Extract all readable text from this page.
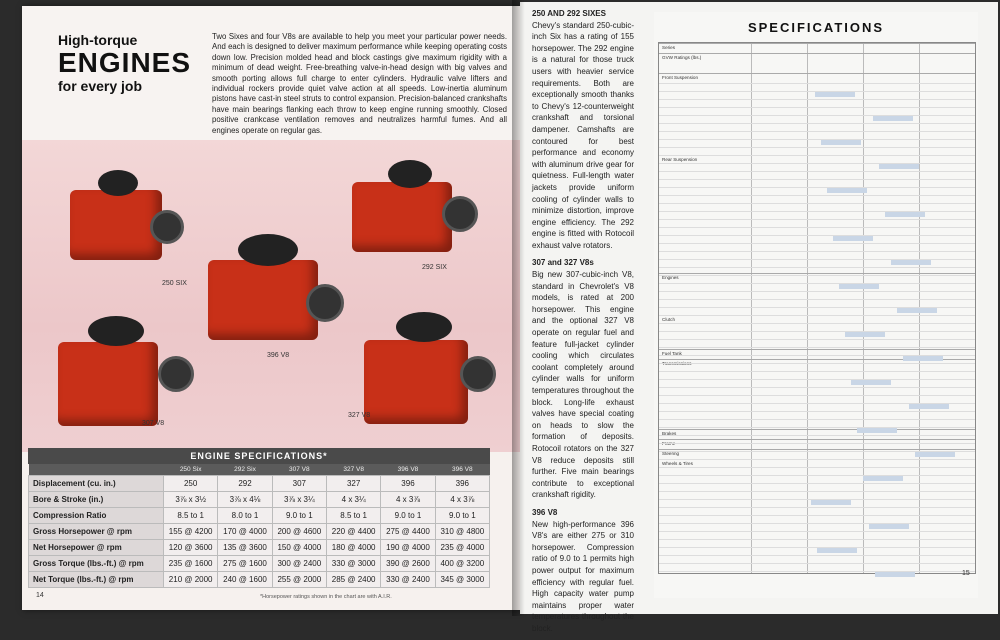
High-torque
ENGINES
for every job
Two Sixes and four V8s are available to help you meet your particular power needs. And each is designed to deliver maximum performance while keeping operating costs down low. Precision molded head and block castings give maximum rigidity with a minimum of dead weight. Free-breathing valve-in-head design with big valves and smooth porting allows full charge to enter cylinders. Hydraulic valve lifters and individual rockers provide quiet valve action at all speeds. Low-inertia aluminum pistons have cast-in steel struts to control expansion. Precision-balanced crankshafts have main bearings flanking each throw to keep engine running smoothly. Closed positive crankcase ventilation removes and neutralizes harmful fumes. And all engines operate on regular gas.
250 SIX
292 SIX
396 V8
307 V8
327 V8
ENGINE SPECIFICATIONS*
	250 Six	292 Six	307 V8	327 V8	396 V8	396 V8
Displacement (cu. in.)	250	292	307	327	396	396
Bore & Stroke (in.)	3⅞ x 3½	3⅞ x 4⅛	3⅞ x 3¼	4 x 3¼	4 x 3⅞	4 x 3⅞
Compression Ratio	8.5 to 1	8.0 to 1	9.0 to 1	8.5 to 1	9.0 to 1	9.0 to 1
Gross Horsepower @ rpm	155 @ 4200	170 @ 4000	200 @ 4600	220 @ 4400	275 @ 4400	310 @ 4800
Net Horsepower @ rpm	120 @ 3600	135 @ 3600	150 @ 4000	180 @ 4000	190 @ 4000	235 @ 4000
Gross Torque (lbs.-ft.) @ rpm	235 @ 1600	275 @ 1600	300 @ 2400	330 @ 3000	390 @ 2600	400 @ 3200
Net Torque (lbs.-ft.) @ rpm	210 @ 2000	240 @ 1600	255 @ 2000	285 @ 2400	330 @ 2400	345 @ 3000
*Horsepower ratings shown in the chart are with A.I.R.
14
250 AND 292 SIXES

Chevy's standard 250-cubic-inch Six has a rating of 155 horsepower. The 292 engine is a natural for those truck users with heavier service requirements. Both are exceptionally smooth thanks to Chevy's 12-counterweight crankshaft and torsional dampener. Camshafts are contoured for best performance and economy with aluminum drive gear for quietness. Full-length water jackets provide uniform cooling of cylinder walls to minimize distortion, improve engine efficiency. The 292 engine is fitted with Rotocoil exhaust valve rotators.

307 and 327 V8s

Big new 307-cubic-inch V8, standard in Chevrolet's V8 models, is rated at 200 horsepower. This engine and the optional 327 V8 operate on regular fuel and feature full-jacket cylinder cooling which circulates coolant completely around cylinder walls for uniform temperatures throughout the block. Long-life exhaust valves have special coating on heads to slow the formation of deposits. Rotocoil rotators on the 327 V8 reduce deposits still further. Five main bearings contribute to exceptional crankshaft rigidity.

396 V8

New high-performance 396 V8's are either 275 or 310 horsepower. Compression ratio of 9.0 to 1 permits high power output for maximum efficiency with regular fuel. High capacity water pump maintains proper water temperatures throughout the block.

SPECIFICATIONS
Series
GVW Ratings (lbs.)
Front Suspension
Rear Suspension
Engines
Clutch
Fuel Tank
Transmissions
Brakes
Frame
Steering
Wheels & Tires
15
